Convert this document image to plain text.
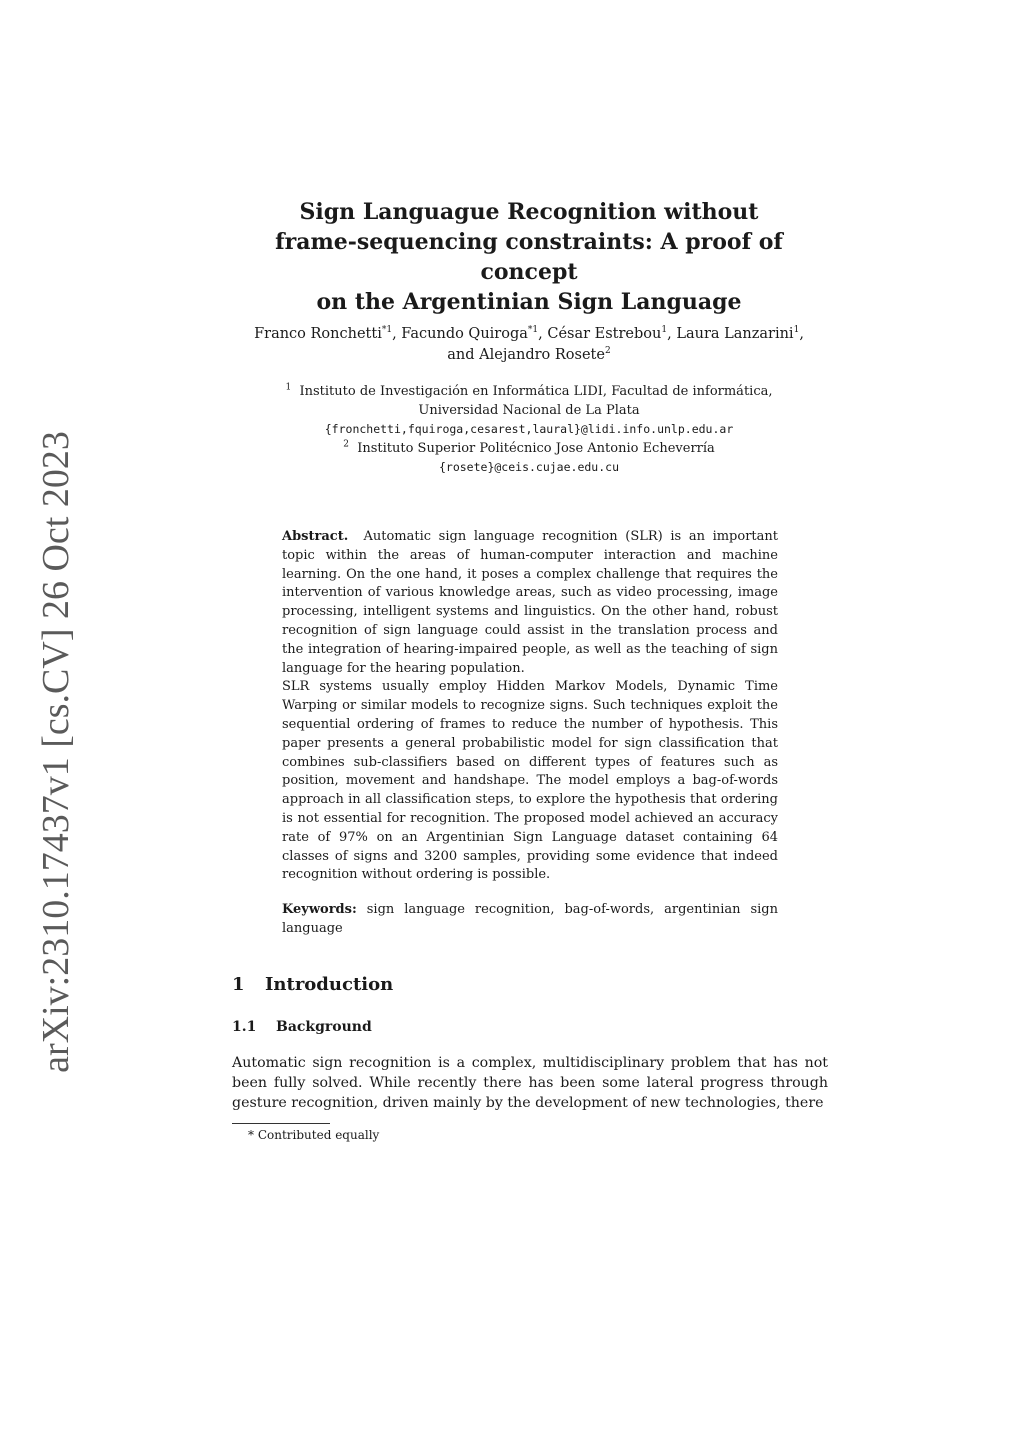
arXiv:2310.17437v1 [cs.CV] 26 Oct 2023
Sign Languague Recognition without
frame-sequencing constraints: A proof of concept
on the Argentinian Sign Language
Franco Ronchetti$^{*1}$, Facundo Quiroga$^{*1}$, César Estrebou$^1$, Laura Lanzarini$^1$,
and Alejandro Rosete$^2$
$^1$ Instituto de Investigación en Informática LIDI, Facultad de informática,
Universidad Nacional de La Plata
{fronchetti,fquiroga,cesarest,laural}@lidi.info.unlp.edu.ar
$^2$ Instituto Superior Politécnico Jose Antonio Echeverría
{rosete}@ceis.cujae.edu.cu

Abstract. Automatic sign language recognition (SLR) is an important topic within the areas of human-computer interaction and machine learning. On the one hand, it poses a complex challenge that requires the intervention of various knowledge areas, such as video processing, image processing, intelligent systems and linguistics. On the other hand, robust recognition of sign language could assist in the translation process and the integration of hearing-impaired people, as well as the teaching of sign language for the hearing population.

SLR systems usually employ Hidden Markov Models, Dynamic Time Warping or similar models to recognize signs. Such techniques exploit the sequential ordering of frames to reduce the number of hypothesis. This paper presents a general probabilistic model for sign classification that combines sub-classifiers based on different types of features such as position, movement and handshape. The model employs a bag-of-words approach in all classification steps, to explore the hypothesis that ordering is not essential for recognition. The proposed model achieved an accuracy rate of 97% on an Argentinian Sign Language dataset containing 64 classes of signs and 3200 samples, providing some evidence that indeed recognition without ordering is possible.

Keywords: sign language recognition, bag-of-words, argentinian sign language

1 Introduction
1.1 Background

Automatic sign recognition is a complex, multidisciplinary problem that has not been fully solved. While recently there has been some lateral progress through gesture recognition, driven mainly by the development of new technologies, there

* Contributed equally
